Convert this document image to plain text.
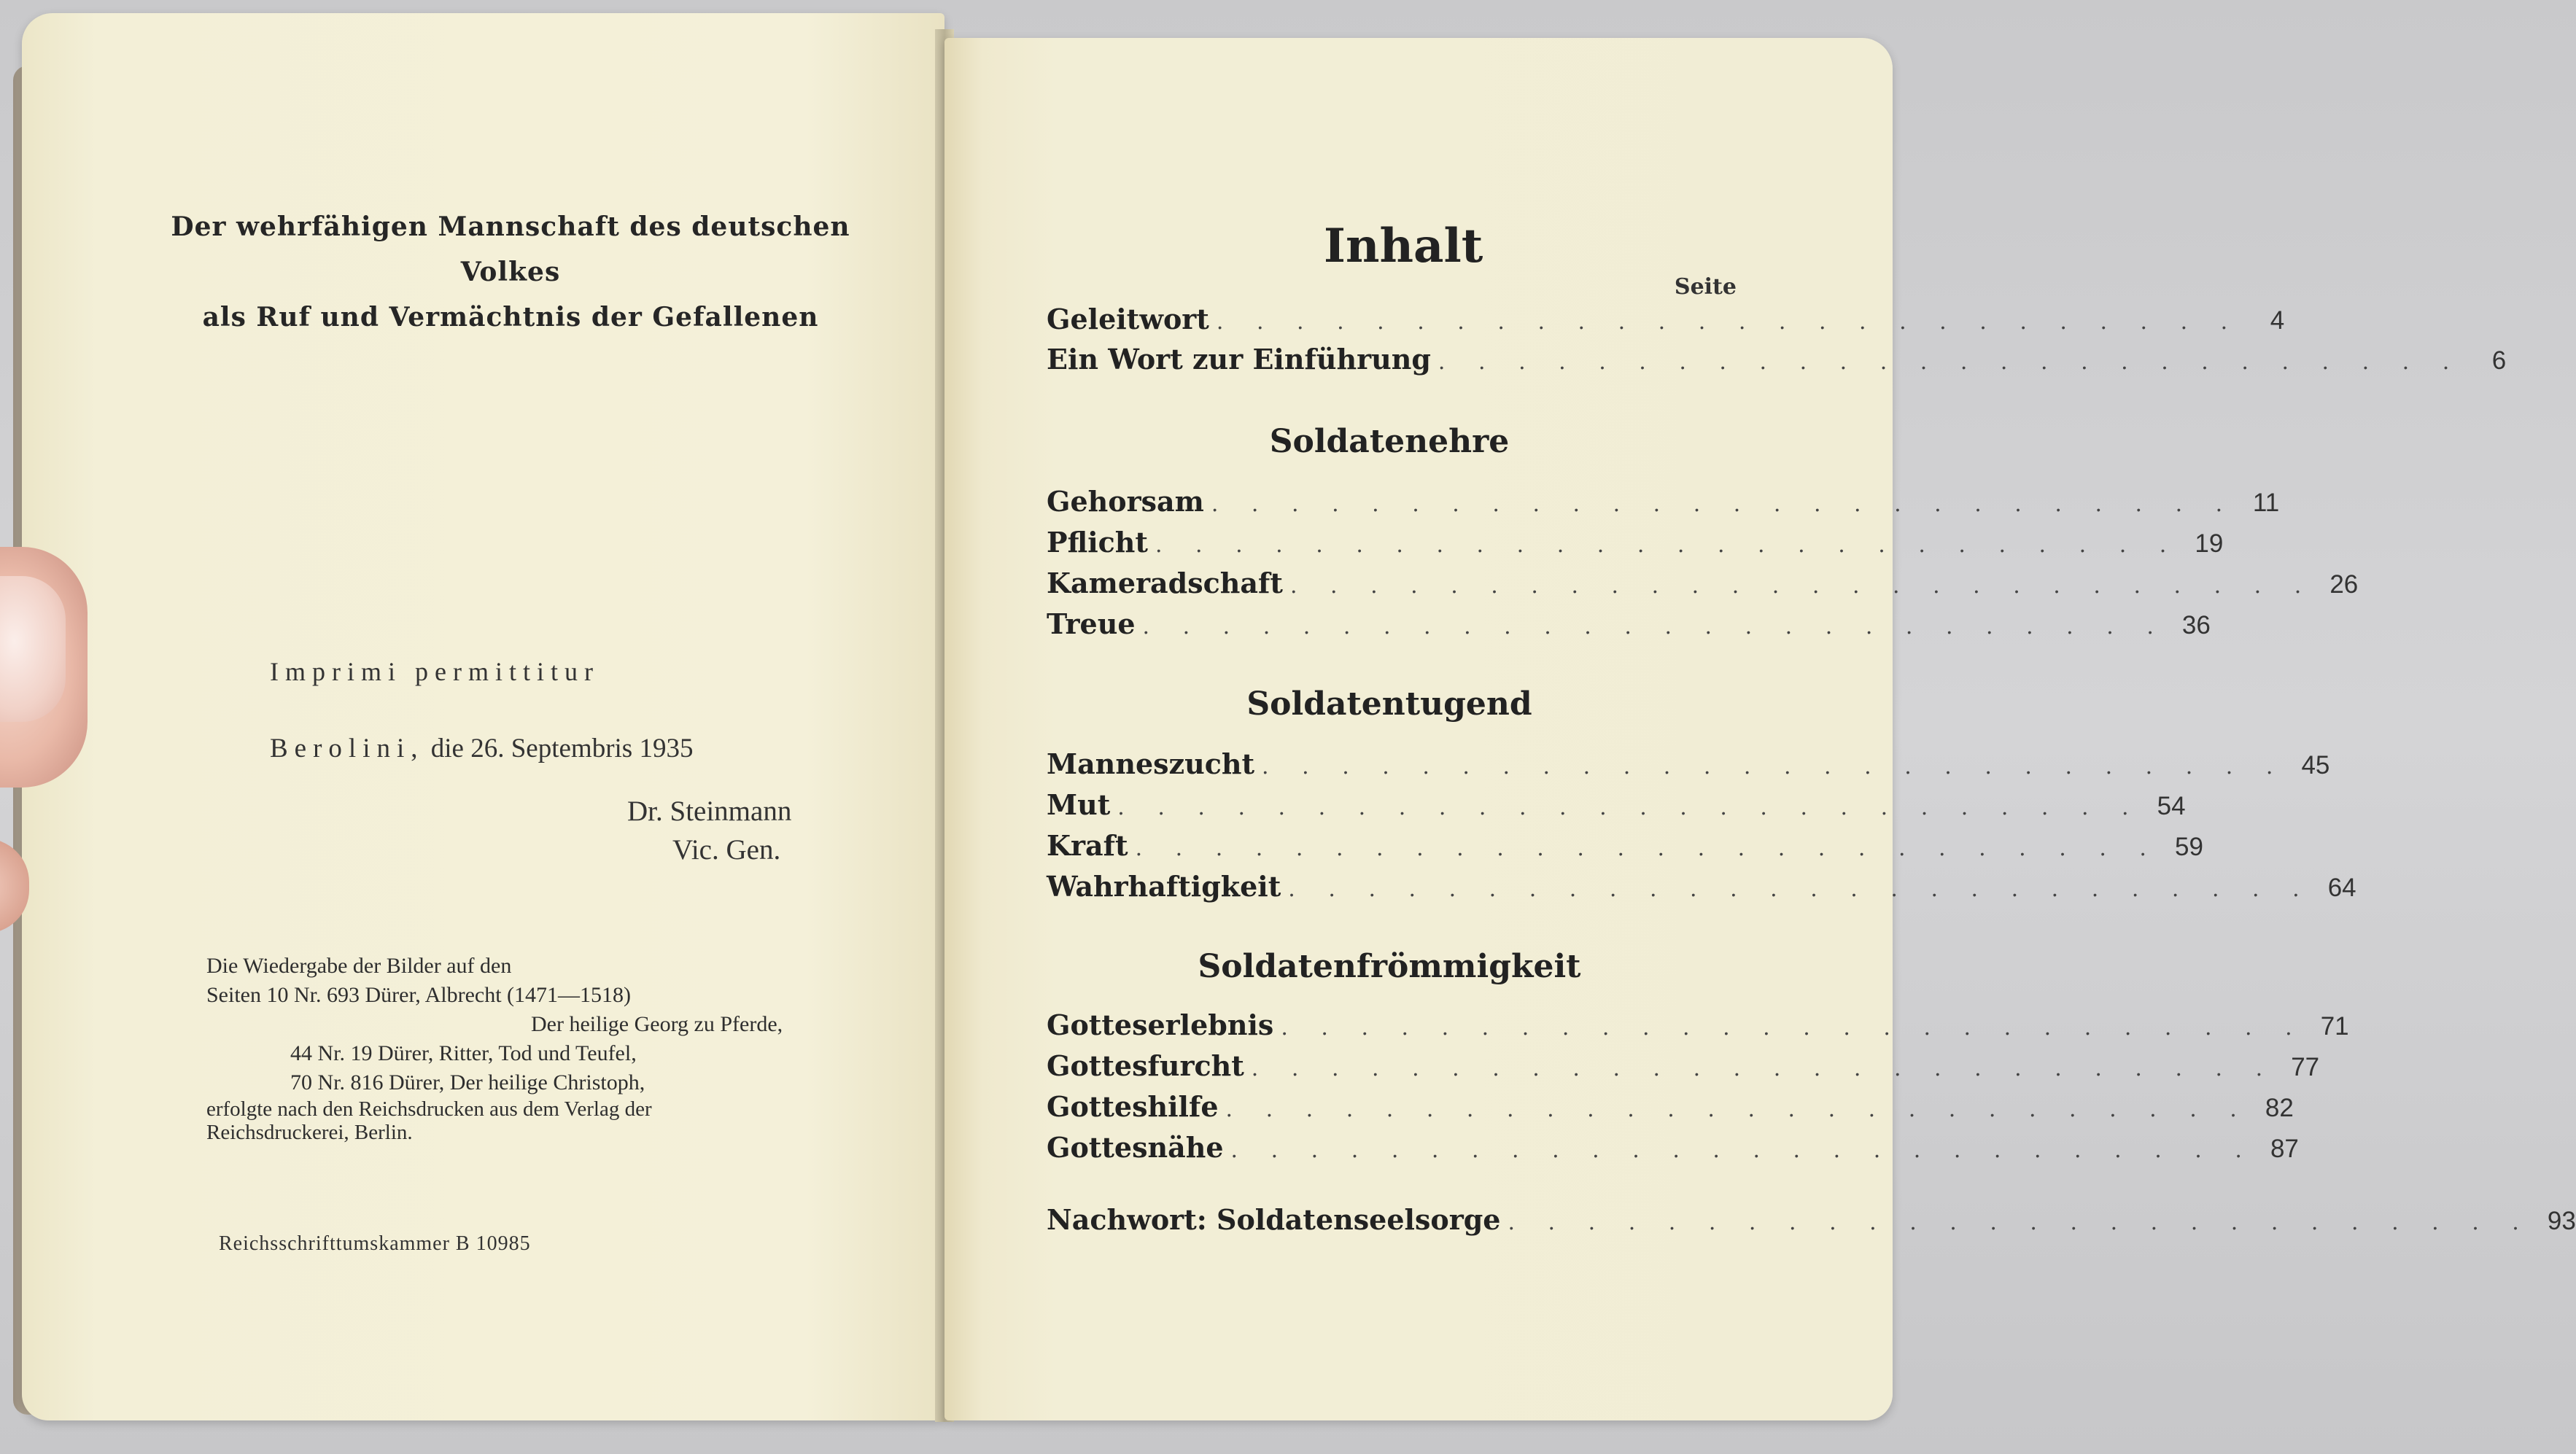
Der wehrfähigen Mannschaft des deutschen Volkes
als Ruf und Vermächtnis der Gefallenen
Imprimi permittitur
Berolini, die 26. Septembris 1935
Dr. Steinmann
Vic. Gen.
Die Wiedergabe der Bilder auf den
Seiten 10 Nr. 693 Dürer, Albrecht (1471—1518)
Der heilige Georg zu Pferde,
44 Nr. 19 Dürer, Ritter, Tod und Teufel,
70 Nr. 816 Dürer, Der heilige Christoph,
erfolgte nach den Reichsdrucken aus dem Verlag der
Reichsdruckerei, Berlin.
Reichsschrifttumskammer B 10985
Inhalt
Seite
Geleitwort . . . . . . . . . . . . . . . . . . . . . . . . . .	4
Ein Wort zur Einführung . . . . . . . . . . . . . . . . . . . . . . . . . .	6
Soldatenehre
Gehorsam . . . . . . . . . . . . . . . . . . . . . . . . . . 11
Pflicht . . . . . . . . . . . . . . . . . . . . . . . . . . 19
Kameradschaft . . . . . . . . . . . . . . . . . . . . . . . . . . 26
Treue . . . . . . . . . . . . . . . . . . . . . . . . . . 36
Soldatentugend
Manneszucht . . . . . . . . . . . . . . . . . . . . . . . . . . 45
Mut . . . . . . . . . . . . . . . . . . . . . . . . . . 54
Kraft . . . . . . . . . . . . . . . . . . . . . . . . . . 59
Wahrhaftigkeit . . . . . . . . . . . . . . . . . . . . . . . . . . 64
Soldatenfrömmigkeit
Gotteserlebnis . . . . . . . . . . . . . . . . . . . . . . . . . . 71
Gottesfurcht . . . . . . . . . . . . . . . . . . . . . . . . . . 77
Gotteshilfe . . . . . . . . . . . . . . . . . . . . . . . . . . 82
Gottesnähe . . . . . . . . . . . . . . . . . . . . . . . . . . 87
Nachwort: Soldatenseelsorge . . . . . . . . . . . . . . . . . . . . . . . . . . 93
